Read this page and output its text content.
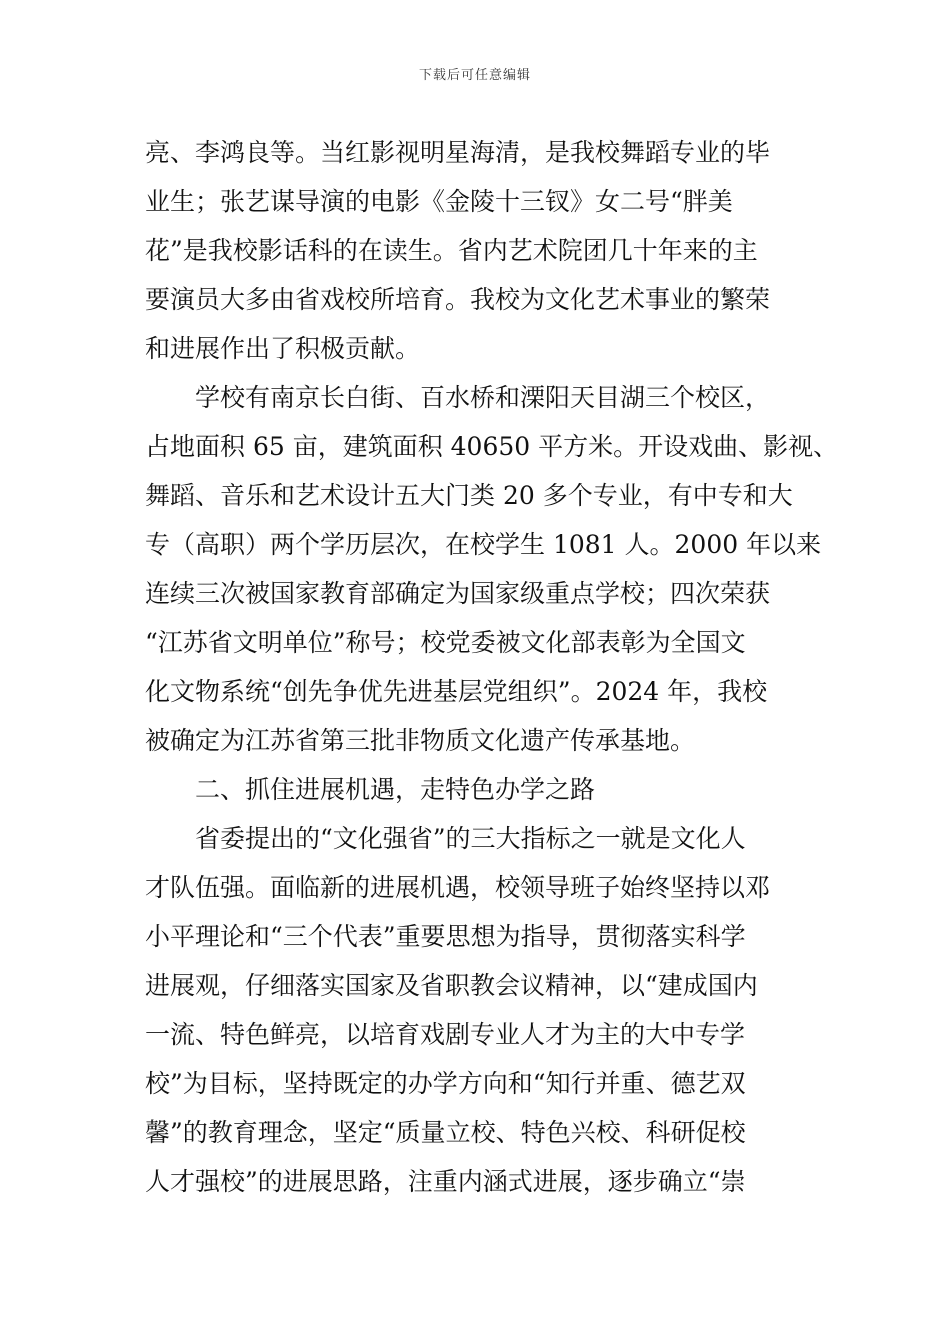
下载后可任意编辑
亮、李鸿良等。当红影视明星海清，是我校舞蹈专业的毕
业生；张艺谋导演的电影《金陵十三钗》女二号“胖美
花”是我校影话科的在读生。省内艺术院团几十年来的主
要演员大多由省戏校所培育。我校为文化艺术事业的繁荣
和进展作出了积极贡献。
学校有南京长白街、百水桥和溧阳天目湖三个校区，
占地面积 65 亩，建筑面积 40650 平方米。开设戏曲、影视、
舞蹈、音乐和艺术设计五大门类 20 多个专业，有中专和大
专（高职）两个学历层次，在校学生 1081 人。2000 年以来
连续三次被国家教育部确定为国家级重点学校；四次荣获
“江苏省文明单位”称号；校党委被文化部表彰为全国文
化文物系统“创先争优先进基层党组织”。2024 年，我校
被确定为江苏省第三批非物质文化遗产传承基地。
二、抓住进展机遇，走特色办学之路
省委提出的“文化强省”的三大指标之一就是文化人
才队伍强。面临新的进展机遇，校领导班子始终坚持以邓
小平理论和“三个代表”重要思想为指导，贯彻落实科学
进展观，仔细落实国家及省职教会议精神，以“建成国内
一流、特色鲜亮，以培育戏剧专业人才为主的大中专学
校”为目标，坚持既定的办学方向和“知行并重、德艺双
馨”的教育理念，坚定“质量立校、特色兴校、科研促校
人才强校”的进展思路，注重内涵式进展，逐步确立“崇
